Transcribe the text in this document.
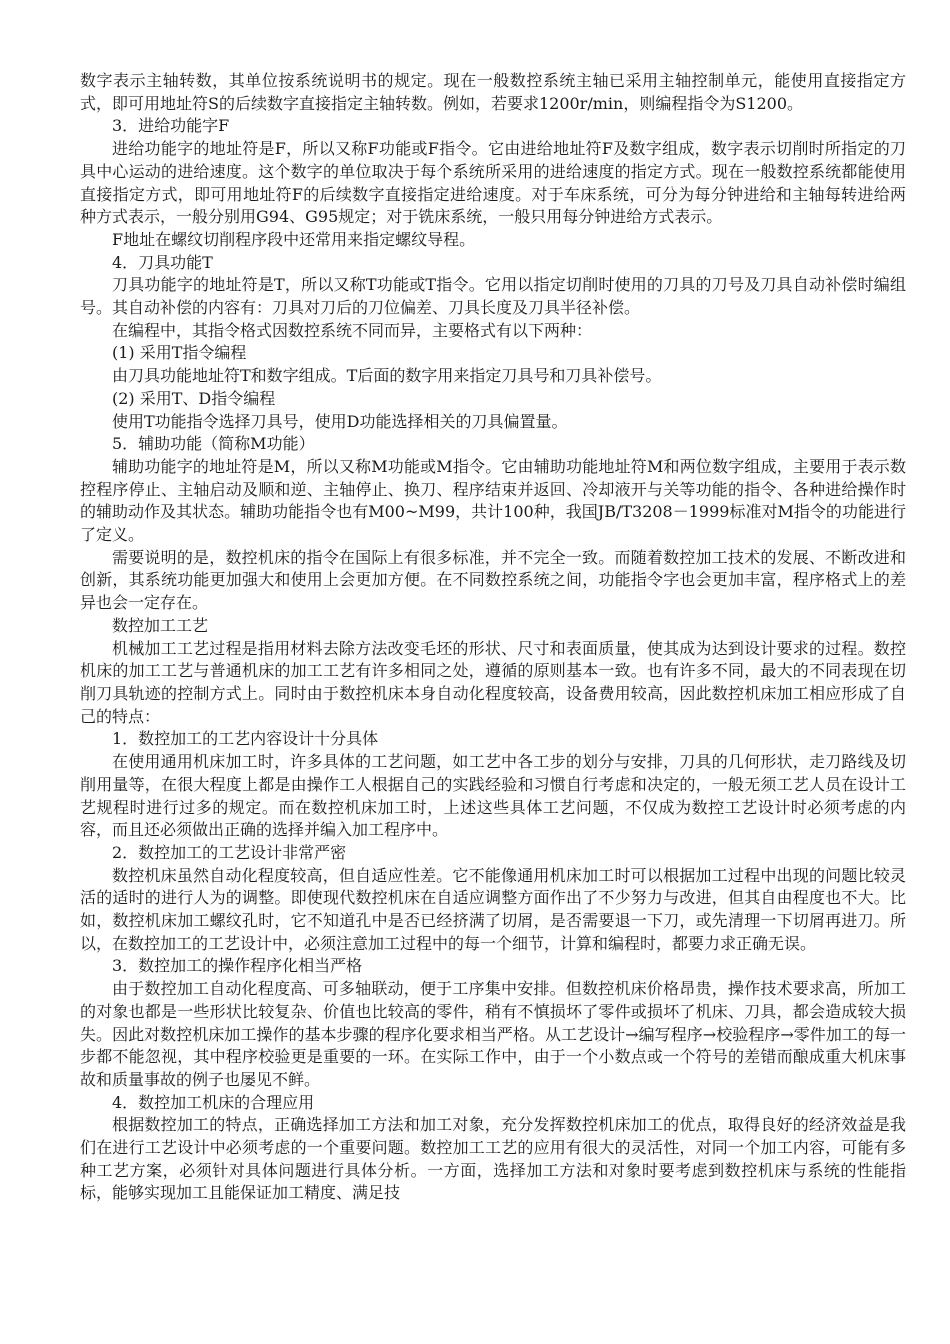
数字表示主轴转数，其单位按系统说明书的规定。现在一般数控系统主轴已采用主轴控制单元，能使用直接指定方式，即可用地址符S的后续数字直接指定主轴转数。例如，若要求1200r/min，则编程指令为S1200。

3．进给功能字F

进给功能字的地址符是F，所以又称F功能或F指令。它由进给地址符F及数字组成，数字表示切削时所指定的刀具中心运动的进给速度。这个数字的单位取决于每个系统所采用的进给速度的指定方式。现在一般数控系统都能使用直接指定方式，即可用地址符F的后续数字直接指定进给速度。对于车床系统，可分为每分钟进给和主轴每转进给两种方式表示，一般分别用G94、G95规定；对于铣床系统，一般只用每分钟进给方式表示。

F地址在螺纹切削程序段中还常用来指定螺纹导程。

4．刀具功能T

刀具功能字的地址符是T，所以又称T功能或T指令。它用以指定切削时使用的刀具的刀号及刀具自动补偿时编组号。其自动补偿的内容有：刀具对刀后的刀位偏差、刀具长度及刀具半径补偿。

在编程中，其指令格式因数控系统不同而异，主要格式有以下两种：

(1) 采用T指令编程

由刀具功能地址符T和数字组成。T后面的数字用来指定刀具号和刀具补偿号。

(2) 采用T、D指令编程

使用T功能指令选择刀具号，使用D功能选择相关的刀具偏置量。

5．辅助功能（简称M功能）

辅助功能字的地址符是M，所以又称M功能或M指令。它由辅助功能地址符M和两位数字组成，主要用于表示数控程序停止、主轴启动及顺和逆、主轴停止、换刀、程序结束并返回、冷却液开与关等功能的指令、各种进给操作时的辅助动作及其状态。辅助功能指令也有M00~M99，共计100种，我国JB/T3208－1999标准对M指令的功能进行了定义。

需要说明的是，数控机床的指令在国际上有很多标准，并不完全一致。而随着数控加工技术的发展、不断改进和创新，其系统功能更加强大和使用上会更加方便。在不同数控系统之间，功能指令字也会更加丰富，程序格式上的差异也会一定存在。

数控加工工艺

机械加工工艺过程是指用材料去除方法改变毛坯的形状、尺寸和表面质量，使其成为达到设计要求的过程。数控机床的加工工艺与普通机床的加工工艺有许多相同之处，遵循的原则基本一致。也有许多不同，最大的不同表现在切削刀具轨迹的控制方式上。同时由于数控机床本身自动化程度较高，设备费用较高，因此数控机床加工相应形成了自己的特点：

1．数控加工的工艺内容设计十分具体

在使用通用机床加工时，许多具体的工艺问题，如工艺中各工步的划分与安排，刀具的几何形状，走刀路线及切削用量等，在很大程度上都是由操作工人根据自己的实践经验和习惯自行考虑和决定的，一般无须工艺人员在设计工艺规程时进行过多的规定。而在数控机床加工时，上述这些具体工艺问题，不仅成为数控工艺设计时必须考虑的内容，而且还必须做出正确的选择并编入加工程序中。

2．数控加工的工艺设计非常严密

数控机床虽然自动化程度较高，但自适应性差。它不能像通用机床加工时可以根据加工过程中出现的问题比较灵活的适时的进行人为的调整。即使现代数控机床在自适应调整方面作出了不少努力与改进，但其自由程度也不大。比如，数控机床加工螺纹孔时，它不知道孔中是否已经挤满了切屑，是否需要退一下刀，或先清理一下切屑再进刀。所以，在数控加工的工艺设计中，必须注意加工过程中的每一个细节，计算和编程时，都要力求正确无误。

3．数控加工的操作程序化相当严格

由于数控加工自动化程度高、可多轴联动，便于工序集中安排。但数控机床价格昂贵，操作技术要求高，所加工的对象也都是一些形状比较复杂、价值也比较高的零件，稍有不慎损坏了零件或损坏了机床、刀具，都会造成较大损失。因此对数控机床加工操作的基本步骤的程序化要求相当严格。从工艺设计→编写程序→校验程序→零件加工的每一步都不能忽视，其中程序校验更是重要的一环。在实际工作中，由于一个小数点或一个符号的差错而酿成重大机床事故和质量事故的例子也屡见不鲜。

4．数控加工机床的合理应用

根据数控加工的特点，正确选择加工方法和加工对象，充分发挥数控机床加工的优点，取得良好的经济效益是我们在进行工艺设计中必须考虑的一个重要问题。数控加工工艺的应用有很大的灵活性，对同一个加工内容，可能有多种工艺方案，必须针对具体问题进行具体分析。一方面，选择加工方法和对象时要考虑到数控机床与系统的性能指标，能够实现加工且能保证加工精度、满足技
